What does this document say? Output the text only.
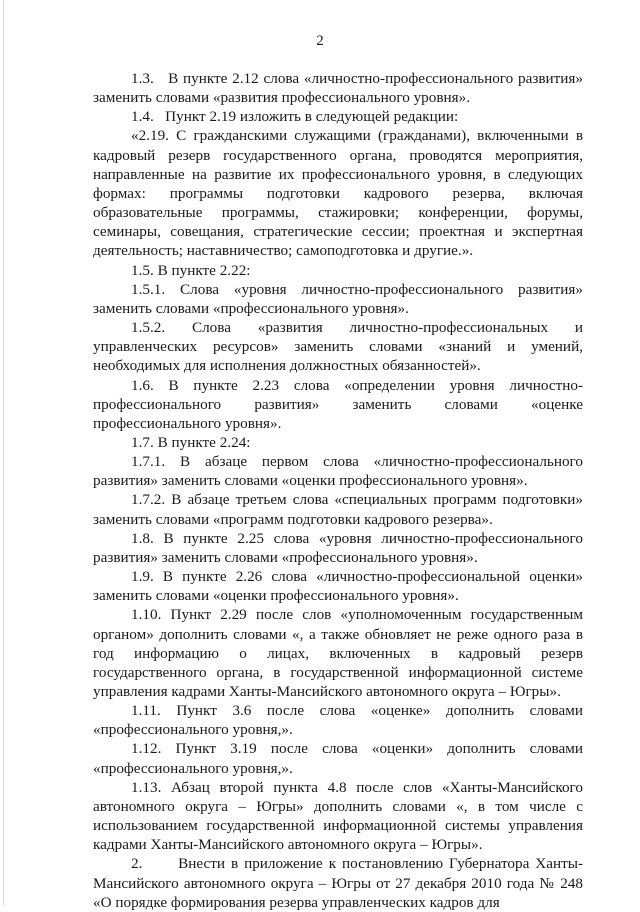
2

1.3.   В пункте 2.12 слова «личностно-профессионального развития» заменить словами «развития профессионального уровня».

1.4.   Пункт 2.19 изложить в следующей редакции:

«2.19. С гражданскими служащими (гражданами), включенными в кадровый резерв государственного органа, проводятся мероприятия, направленные на развитие их профессионального уровня, в следующих формах: программы подготовки кадрового резерва, включая образовательные программы, стажировки; конференции, форумы, семинары, совещания, стратегические сессии; проектная и экспертная деятельность; наставничество; самоподготовка и другие.».

1.5. В пункте 2.22:

1.5.1. Слова «уровня личностно-профессионального развития» заменить словами «профессионального уровня».

1.5.2. Слова «развития личностно-профессиональных и управленческих ресурсов» заменить словами «знаний и умений, необходимых для исполнения должностных обязанностей».

1.6. В пункте 2.23 слова «определении уровня личностно-профессионального развития» заменить словами «оценке профессионального уровня».

1.7. В пункте 2.24:

1.7.1. В абзаце первом слова «личностно-профессионального развития» заменить словами «оценки профессионального уровня».

1.7.2. В абзаце третьем слова «специальных программ подготовки» заменить словами «программ подготовки кадрового резерва».

1.8. В пункте 2.25 слова «уровня личностно-профессионального развития» заменить словами «профессионального уровня».

1.9. В пункте 2.26 слова «личностно-профессиональной оценки» заменить словами «оценки профессионального уровня».

1.10. Пункт 2.29 после слов «уполномоченным государственным органом» дополнить словами «, а также обновляет не реже одного раза в год информацию о лицах, включенных в кадровый резерв государственного органа, в государственной информационной системе управления кадрами Ханты-Мансийского автономного округа – Югры».

1.11. Пункт 3.6 после слова «оценке» дополнить словами «профессионального уровня,».

1.12. Пункт 3.19 после слова «оценки» дополнить словами «профессионального уровня,».

1.13. Абзац второй пункта 4.8 после слов «Ханты-Мансийского автономного округа – Югры» дополнить словами «, в том числе с использованием государственной информационной системы управления кадрами Ханты-Мансийского автономного округа – Югры».

2.      Внести в приложение к постановлению Губернатора Ханты-Мансийского автономного округа – Югры от 27 декабря 2010 года № 248 «О порядке формирования резерва управленческих кадров для
